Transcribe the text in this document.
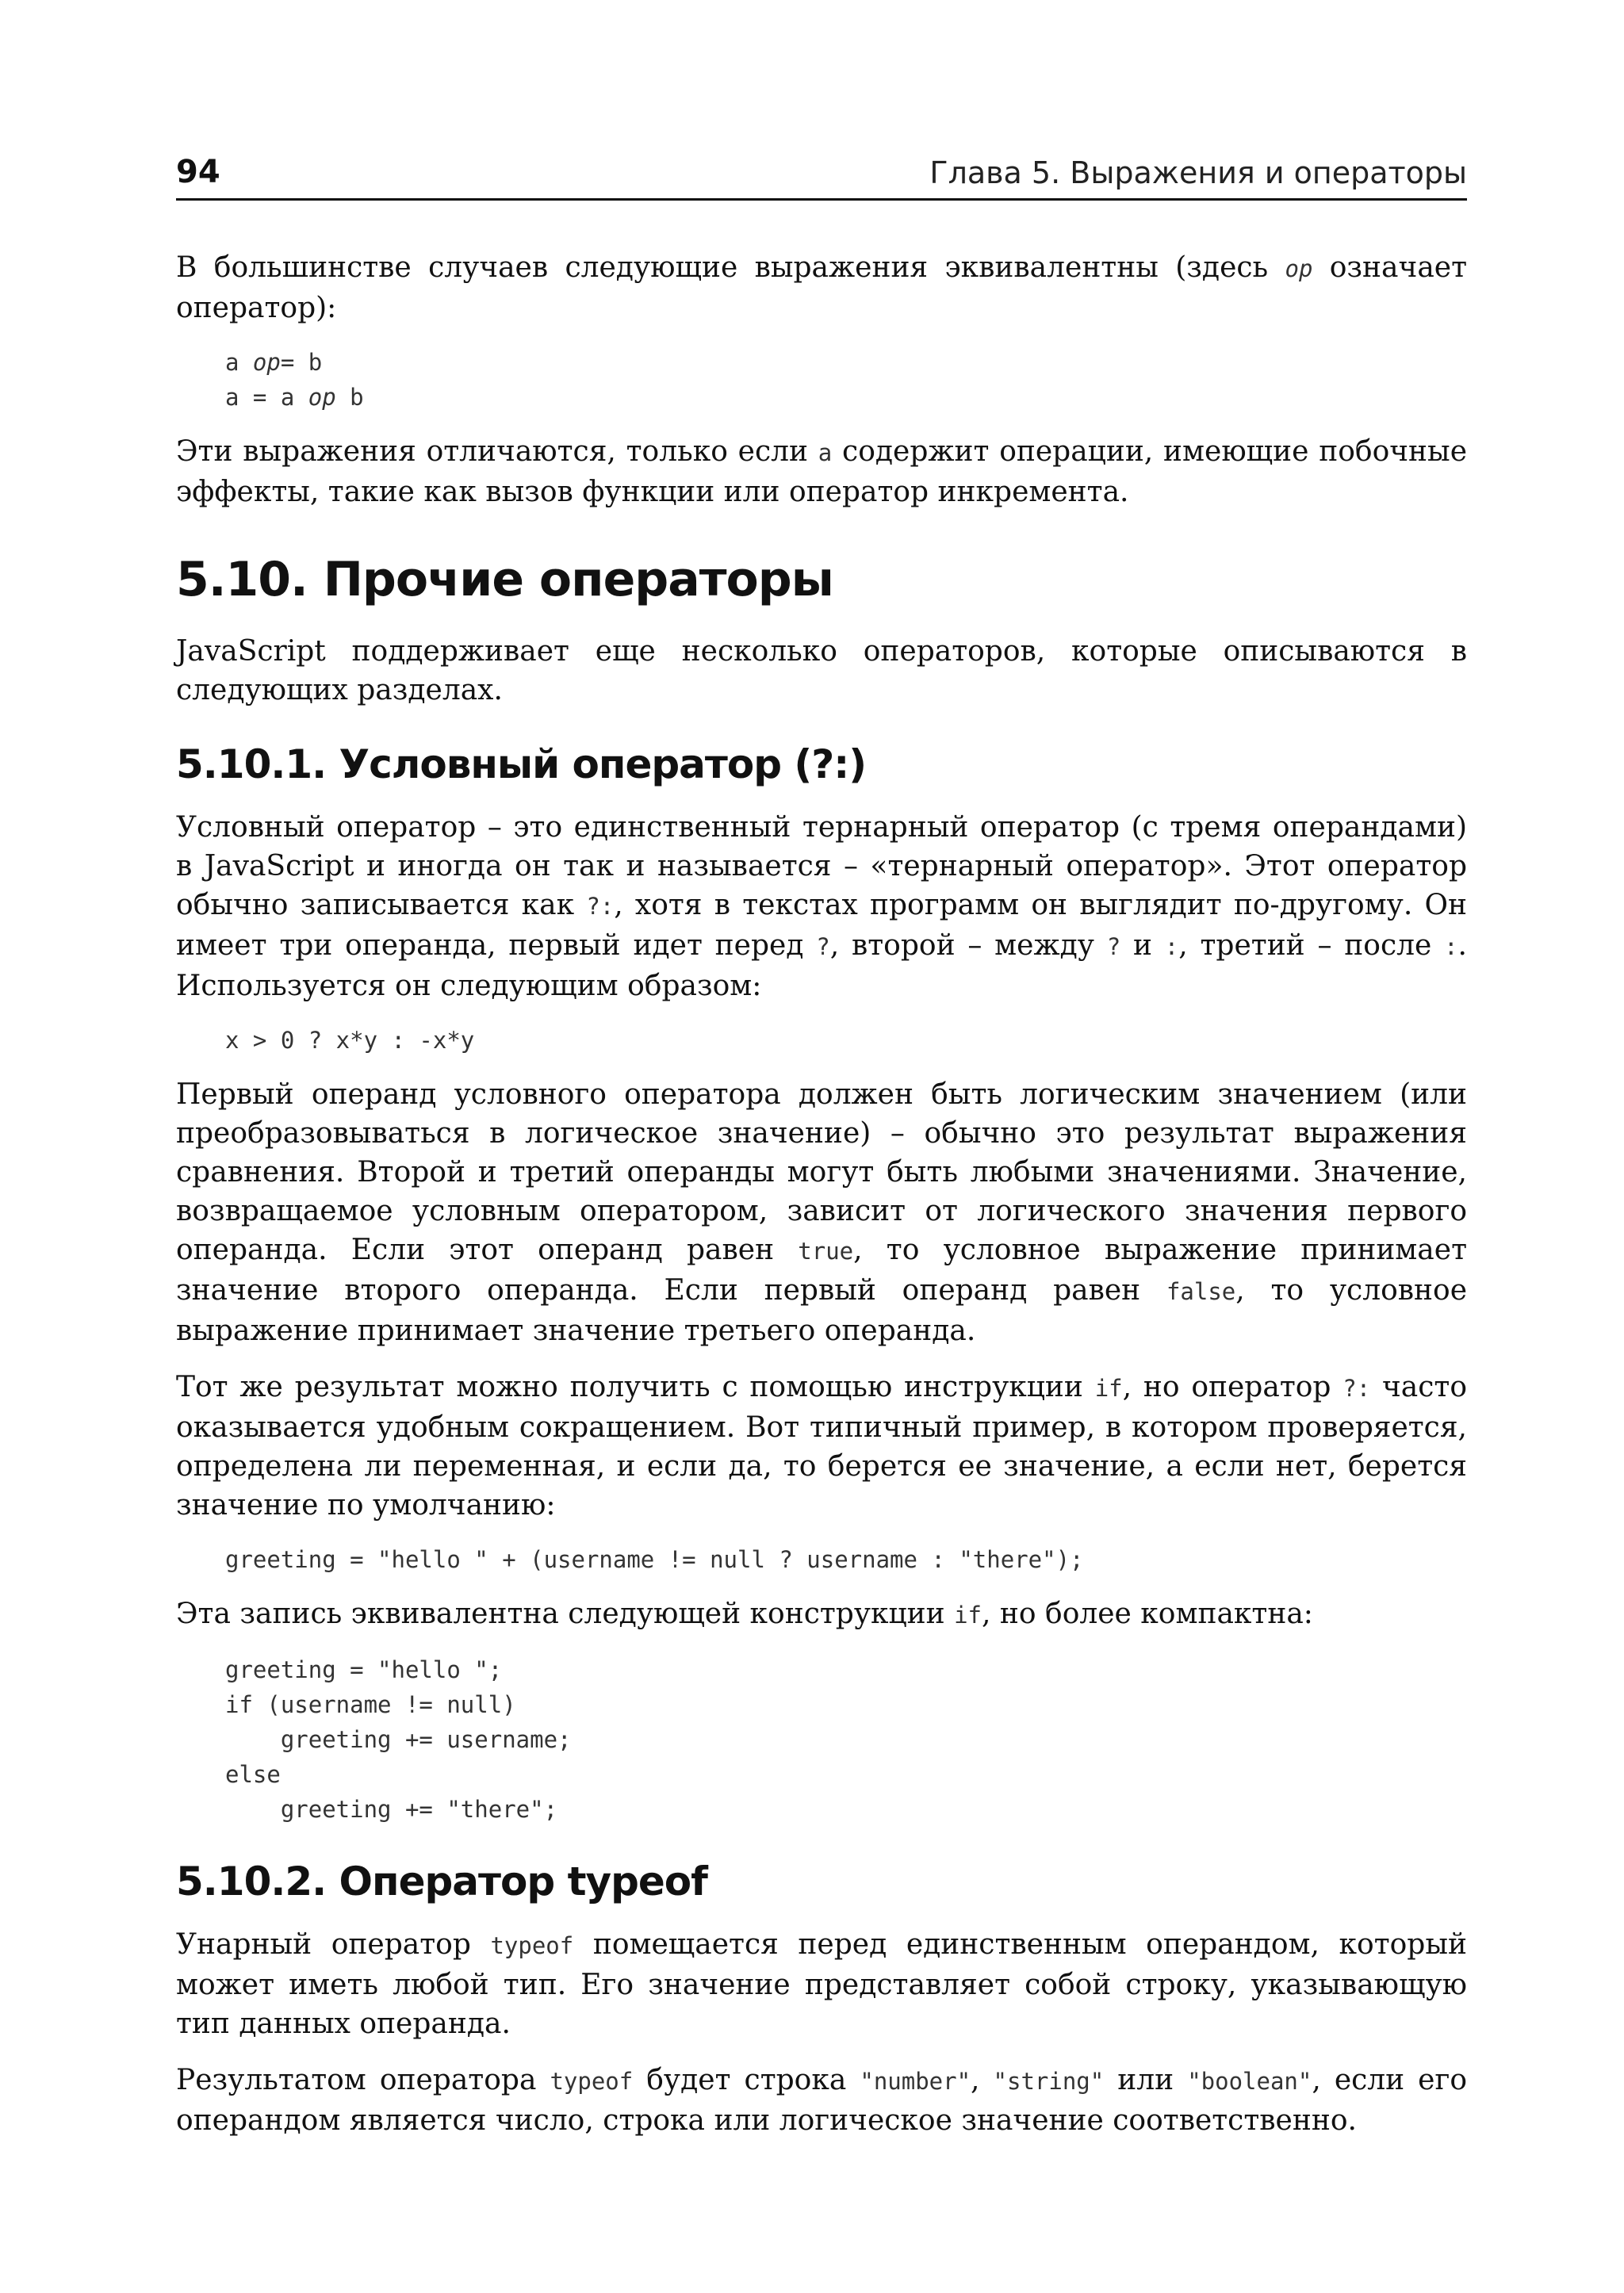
94	Глава 5. Выражения и операторы

В большинстве случаев следующие выражения эквивалентны (здесь op означает оператор):

a op= b
a = a op b

Эти выражения отличаются, только если a содержит операции, имеющие побочные эффекты, такие как вызов функции или оператор инкремента.

5.10. Прочие операторы

JavaScript поддерживает еще несколько операторов, которые описываются в следующих разделах.

5.10.1. Условный оператор (?:)

Условный оператор – это единственный тернарный оператор (с тремя операндами) в JavaScript и иногда он так и называется – «тернарный оператор». Этот оператор обычно записывается как ?:, хотя в текстах программ он выглядит по-другому. Он имеет три операнда, первый идет перед ?, второй – между ? и :, третий – после :. Используется он следующим образом:

x > 0 ? x*y : -x*y

Первый операнд условного оператора должен быть логическим значением (или преобразовываться в логическое значение) – обычно это результат выражения сравнения. Второй и третий операнды могут быть любыми значениями. Значение, возвращаемое условным оператором, зависит от логического значения первого операнда. Если этот операнд равен true, то условное выражение принимает значение второго операнда. Если первый операнд равен false, то условное выражение принимает значение третьего операнда.

Тот же результат можно получить с помощью инструкции if, но оператор ?: часто оказывается удобным сокращением. Вот типичный пример, в котором проверяется, определена ли переменная, и если да, то берется ее значение, а если нет, берется значение по умолчанию:

greeting = "hello " + (username != null ? username : "there");

Эта запись эквивалентна следующей конструкции if, но более компактна:

greeting = "hello ";
if (username != null)
greeting += username;
else
greeting += "there";
5.10.2. Оператор typeof

Унарный оператор typeof помещается перед единственным операндом, который может иметь любой тип. Его значение представляет собой строку, указывающую тип данных операнда.

Результатом оператора typeof будет строка "number", "string" или "boolean", если его операндом является число, строка или логическое значение соответственно.
